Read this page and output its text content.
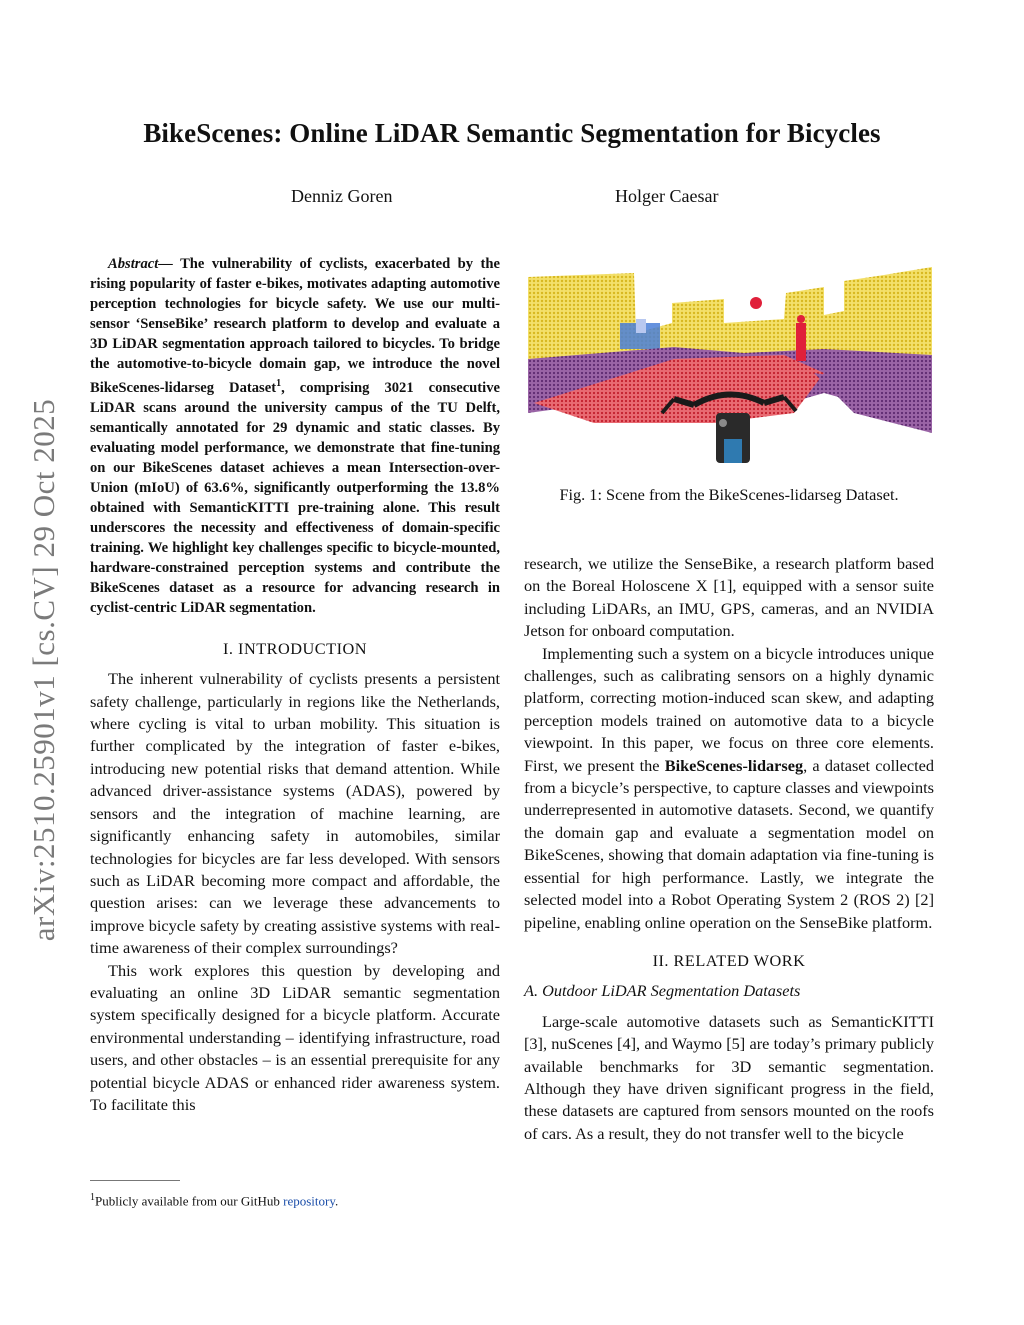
BikeScenes: Online LiDAR Semantic Segmentation for Bicycles
Denniz Goren	Holger Caesar
arXiv:2510.25901v1 [cs.CV] 29 Oct 2025
Abstract— The vulnerability of cyclists, exacerbated by the rising popularity of faster e-bikes, motivates adapting automotive perception technologies for bicycle safety. We use our multi-sensor ‘SenseBike’ research platform to develop and evaluate a 3D LiDAR segmentation approach tailored to bicycles. To bridge the automotive-to-bicycle domain gap, we introduce the novel BikeScenes-lidarseg Dataset$^1$, comprising 3021 consecutive LiDAR scans around the university campus of the TU Delft, semantically annotated for 29 dynamic and static classes. By evaluating model performance, we demonstrate that fine-tuning on our BikeScenes dataset achieves a mean Intersection-over-Union (mIoU) of 63.6%, significantly outperforming the 13.8% obtained with SemanticKITTI pre-training alone. This result underscores the necessity and effectiveness of domain-specific training. We highlight key challenges specific to bicycle-mounted, hardware-constrained perception systems and contribute the BikeScenes dataset as a resource for advancing research in cyclist-centric LiDAR segmentation.
I. INTRODUCTION

The inherent vulnerability of cyclists presents a persistent safety challenge, particularly in regions like the Netherlands, where cycling is vital to urban mobility. This situation is further complicated by the integration of faster e-bikes, introducing new potential risks that demand attention. While advanced driver-assistance systems (ADAS), powered by sensors and the integration of machine learning, are significantly enhancing safety in automobiles, similar technologies for bicycles are far less developed. With sensors such as LiDAR becoming more compact and affordable, the question arises: can we leverage these advancements to improve bicycle safety by creating assistive systems with real-time awareness of their complex surroundings?

This work explores this question by developing and evaluating an online 3D LiDAR semantic segmentation system specifically designed for a bicycle platform. Accurate environmental understanding – identifying infrastructure, road users, and other obstacles – is an essential prerequisite for any potential bicycle ADAS or enhanced rider awareness system. To facilitate this

Fig. 1: Scene from the BikeScenes-lidarseg Dataset.

research, we utilize the SenseBike, a research platform based on the Boreal Holoscene X [1], equipped with a sensor suite including LiDARs, an IMU, GPS, cameras, and an NVIDIA Jetson for onboard computation.

Implementing such a system on a bicycle introduces unique challenges, such as calibrating sensors on a highly dynamic platform, correcting motion-induced scan skew, and adapting perception models trained on automotive data to a bicycle viewpoint. In this paper, we focus on three core elements. First, we present the BikeScenes-lidarseg, a dataset collected from a bicycle’s perspective, to capture classes and viewpoints underrepresented in automotive datasets. Second, we quantify the domain gap and evaluate a segmentation model on BikeScenes, showing that domain adaptation via fine-tuning is essential for high performance. Lastly, we integrate the selected model into a Robot Operating System 2 (ROS 2) [2] pipeline, enabling online operation on the SenseBike platform.

II. RELATED WORK
A. Outdoor LiDAR Segmentation Datasets

Large-scale automotive datasets such as SemanticKITTI [3], nuScenes [4], and Waymo [5] are today’s primary publicly available benchmarks for 3D semantic segmentation. Although they have driven significant progress in the field, these datasets are captured from sensors mounted on the roofs of cars. As a result, they do not transfer well to the bicycle

$^1$Publicly available from our GitHub repository.
